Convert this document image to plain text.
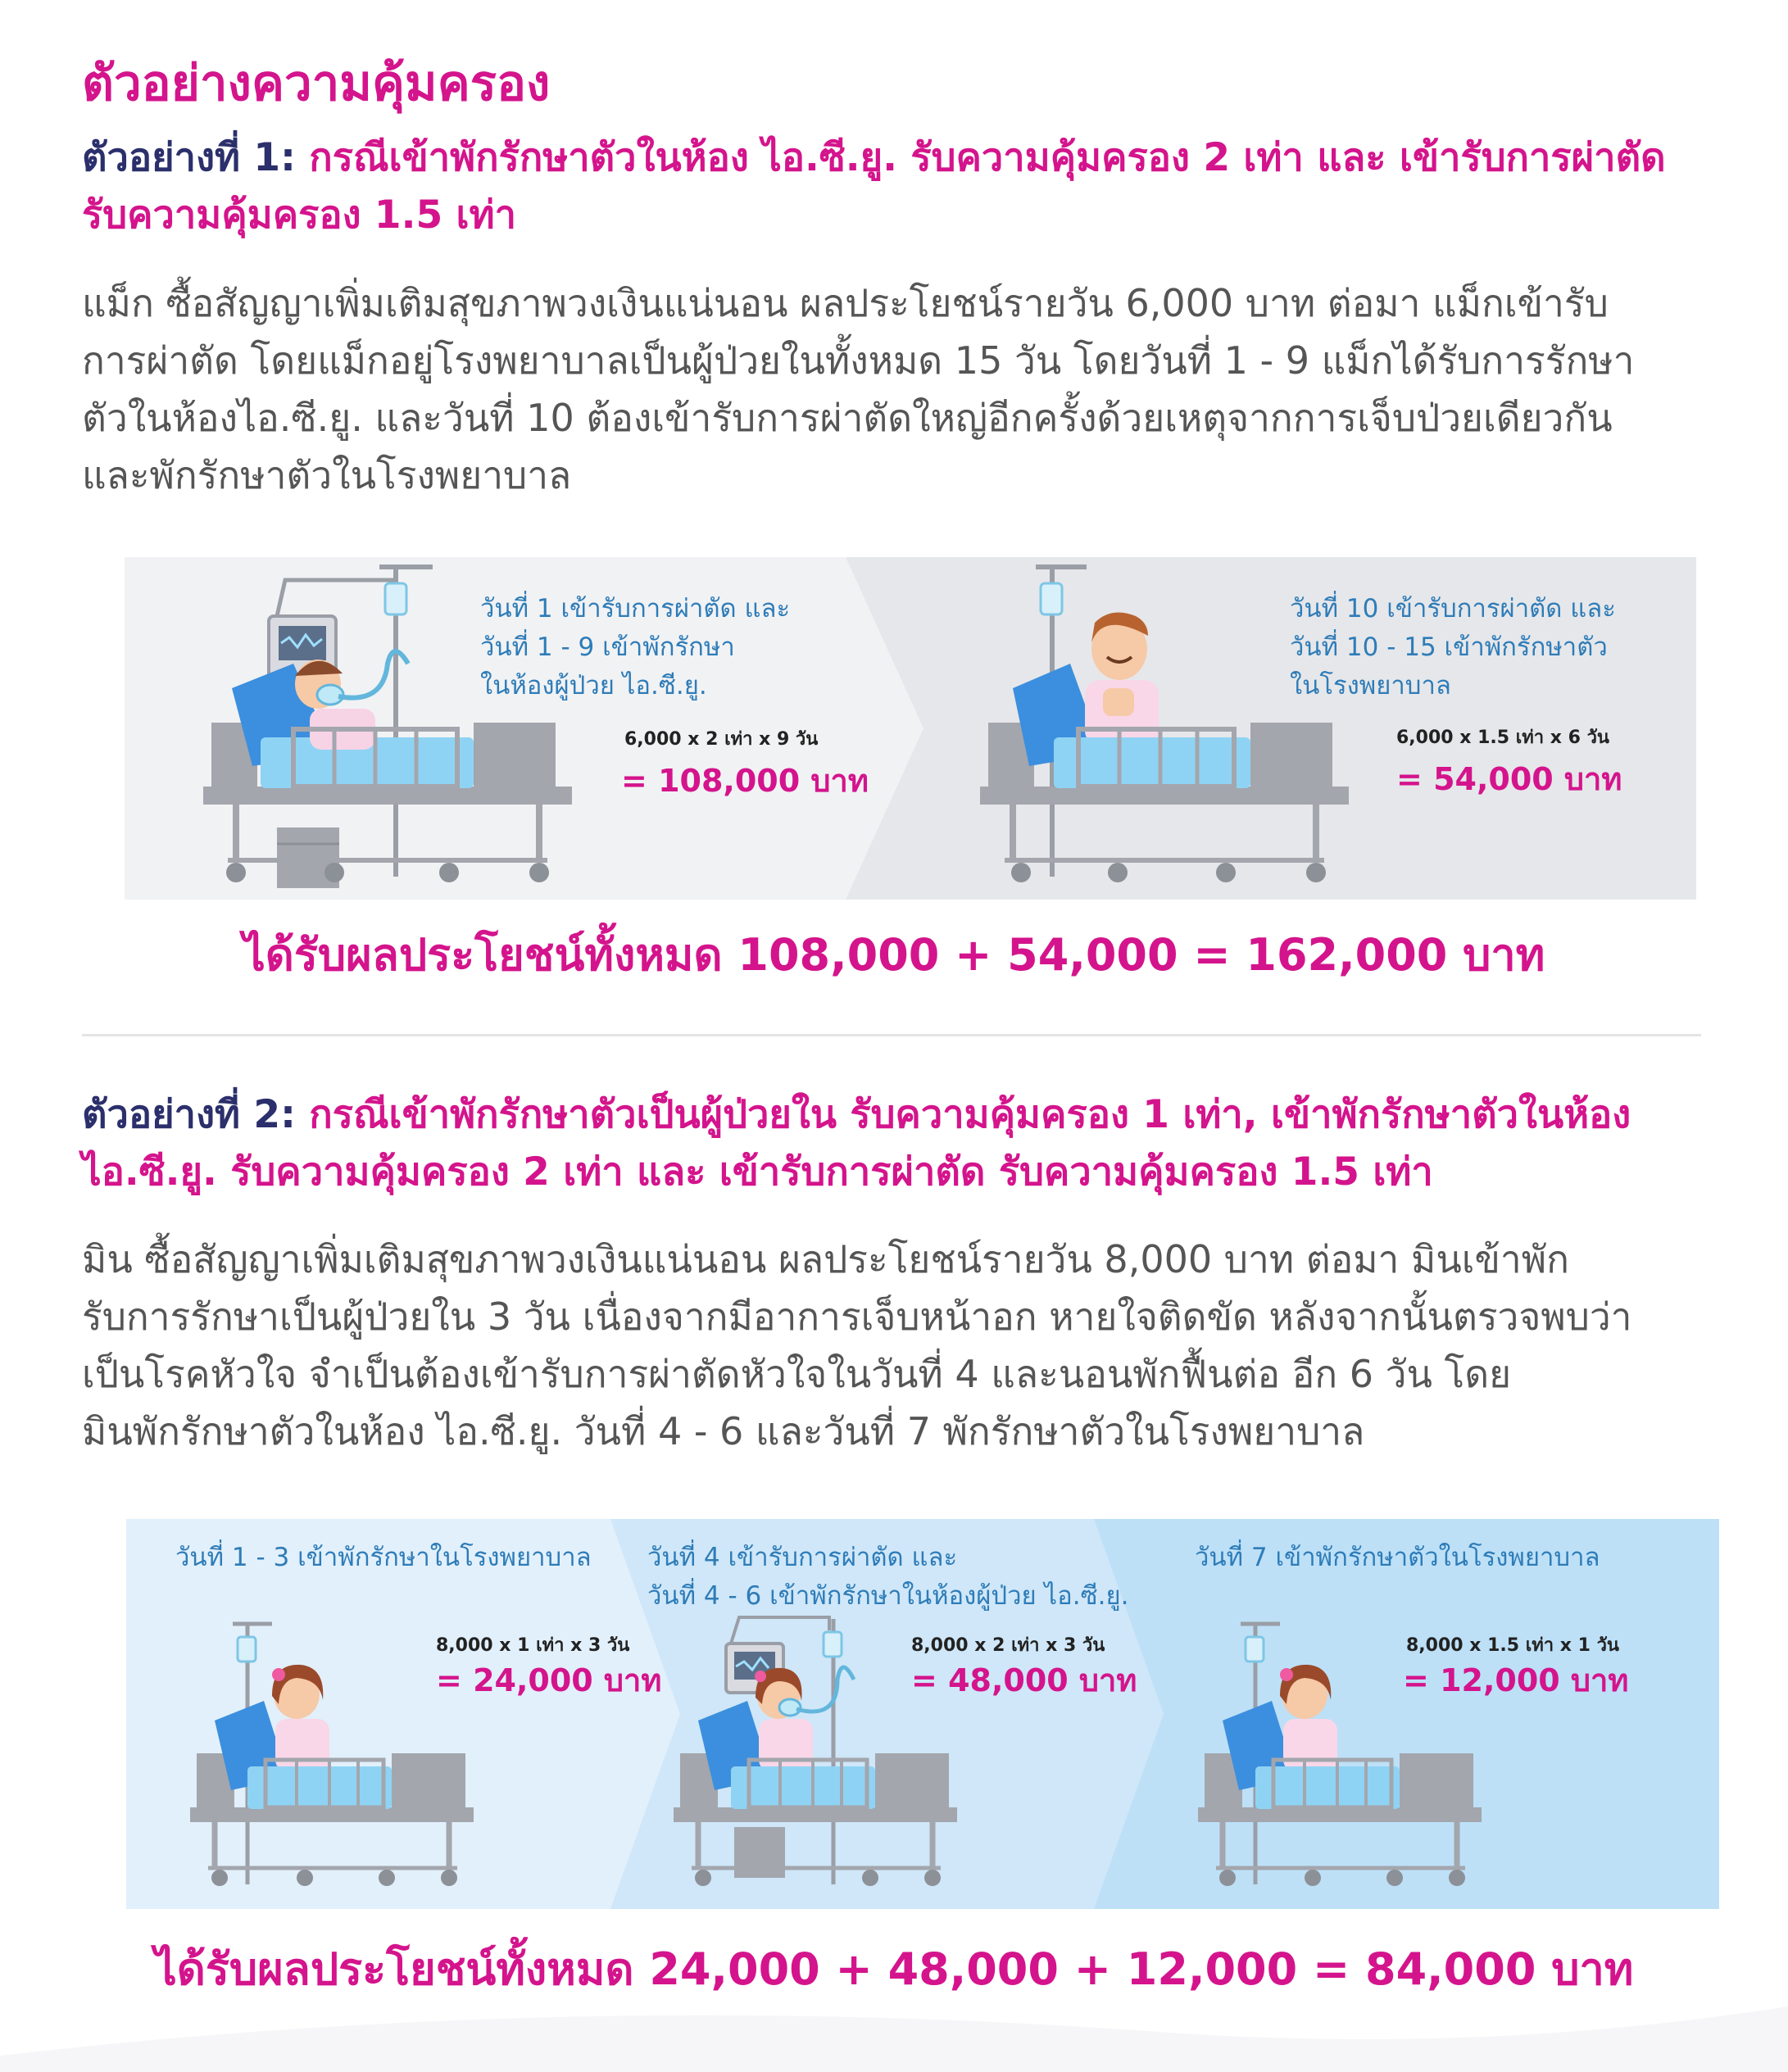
ตัวอย่างความคุ้มครอง

ตัวอย่างที่ 1: กรณีเข้าพักรักษาตัวในห้อง ไอ.ซี.ยู. รับความคุ้มครอง 2 เท่า และ เข้ารับการผ่าตัด

รับความคุ้มครอง 1.5 เท่า

แม็ก ซื้อสัญญาเพิ่มเติมสุขภาพวงเงินแน่นอน ผลประโยชน์รายวัน 6,000 บาท ต่อมา แม็กเข้ารับ

การผ่าตัด โดยแม็กอยู่โรงพยาบาลเป็นผู้ป่วยในทั้งหมด 15 วัน โดยวันที่ 1 - 9 แม็กได้รับการรักษา

ตัวในห้องไอ.ซี.ยู. และวันที่ 10 ต้องเข้ารับการผ่าตัดใหญ่อีกครั้งด้วยเหตุจากการเจ็บป่วยเดียวกัน

และพักรักษาตัวในโรงพยาบาล

วันที่ 1 เข้ารับการผ่าตัด และ
วันที่ 1 - 9 เข้าพักรักษา
ในห้องผู้ป่วย ไอ.ซี.ยู.
6,000 x 2 เท่า x 9 วัน
= 108,000 บาท
วันที่ 10 เข้ารับการผ่าตัด และ
วันที่ 10 - 15 เข้าพักรักษาตัว
ในโรงพยาบาล
6,000 x 1.5 เท่า x 6 วัน
= 54,000 บาท
ได้รับผลประโยชน์ทั้งหมด 108,000 + 54,000 = 162,000 บาท

ตัวอย่างที่ 2: กรณีเข้าพักรักษาตัวเป็นผู้ป่วยใน รับความคุ้มครอง 1 เท่า, เข้าพักรักษาตัวในห้อง

ไอ.ซี.ยู. รับความคุ้มครอง 2 เท่า และ เข้ารับการผ่าตัด รับความคุ้มครอง 1.5 เท่า

มิน ซื้อสัญญาเพิ่มเติมสุขภาพวงเงินแน่นอน ผลประโยชน์รายวัน 8,000 บาท ต่อมา มินเข้าพัก

รับการรักษาเป็นผู้ป่วยใน 3 วัน เนื่องจากมีอาการเจ็บหน้าอก หายใจติดขัด หลังจากนั้นตรวจพบว่า

เป็นโรคหัวใจ จำเป็นต้องเข้ารับการผ่าตัดหัวใจในวันที่ 4 และนอนพักฟื้นต่อ อีก 6 วัน โดย

มินพักรักษาตัวในห้อง ไอ.ซี.ยู. วันที่ 4 - 6 และวันที่ 7 พักรักษาตัวในโรงพยาบาล

วันที่ 1 - 3 เข้าพักรักษาในโรงพยาบาล
8,000 x 1 เท่า x 3 วัน
= 24,000 บาท
วันที่ 4 เข้ารับการผ่าตัด และ
วันที่ 4 - 6 เข้าพักรักษาในห้องผู้ป่วย ไอ.ซี.ยู.
8,000 x 2 เท่า x 3 วัน
= 48,000 บาท
วันที่ 7 เข้าพักรักษาตัวในโรงพยาบาล
8,000 x 1.5 เท่า x 1 วัน
= 12,000 บาท
ได้รับผลประโยชน์ทั้งหมด 24,000 + 48,000 + 12,000 = 84,000 บาท
